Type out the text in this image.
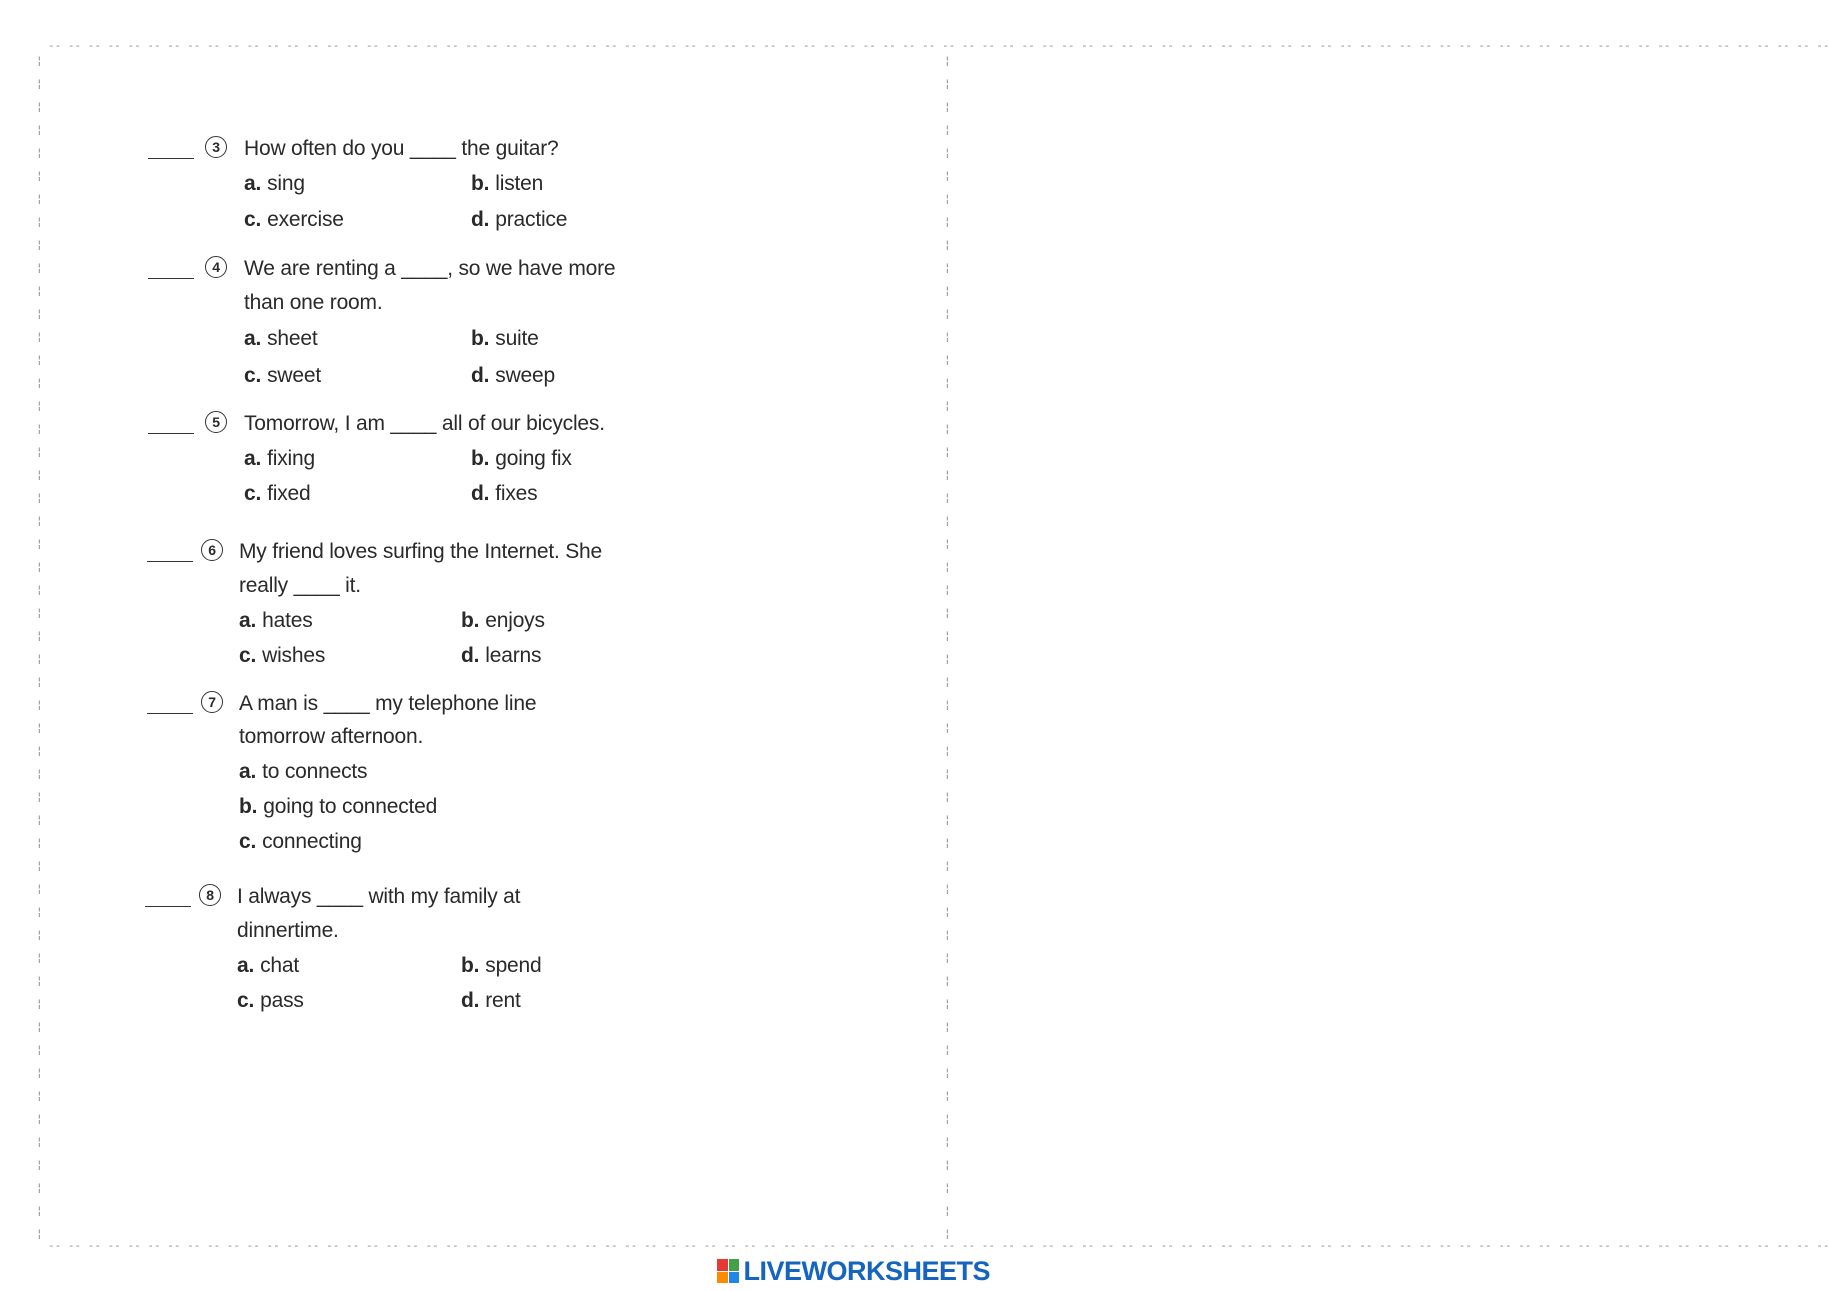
-- -- -- -- -- -- -- -- -- -- -- -- -- -- -- -- -- -- -- -- -- -- -- -- -- -- -- -- -- -- -- -- -- -- -- -- -- -- -- -- -- -- -- -- -- -- -- -- -- -- -- -- -- -- -- -- -- -- -- -- -- -- -- -- -- -- -- -- -- -- -- -- -- -- -- -- -- -- -- -- -- -- -- -- -- -- -- -- -- --
-- -- -- -- -- -- -- -- -- -- -- -- -- -- -- -- -- -- -- -- -- -- -- -- -- -- -- -- -- -- -- -- -- -- -- -- -- -- -- -- -- -- -- -- -- -- -- -- -- -- -- -- -- -- -- -- -- -- -- -- -- -- -- -- -- -- -- -- -- -- -- -- -- -- -- -- -- -- -- -- -- -- -- -- -- -- -- -- -- --
¦
¦
¦
¦
¦
¦
¦
¦
¦
¦
¦
¦
¦
¦
¦
¦
¦
¦
¦
¦
¦
¦
¦
¦
¦
¦
¦
¦
¦
¦
¦
¦
¦
¦
¦
¦
¦
¦
¦
¦
¦
¦
¦
¦
¦
¦
¦
¦
¦
¦
¦
¦
¦
¦
¦
¦
¦
¦
¦
¦
¦
¦
¦
¦
¦
¦
¦
¦
¦
¦
¦
¦
¦
¦
¦
¦
¦
¦
¦
¦
¦
¦
¦
¦
¦
¦
¦
¦
¦
¦
¦
¦
¦
¦
¦
¦
¦
¦
¦
¦
¦
¦
¦
¦
3	How often do you ____ the guitar?
a. sing	b. listen
c. exercise	d. practice
4	We are renting a ____, so we have more
than one room.
a. sheet	b. suite
c. sweet	d. sweep
5	Tomorrow, I am ____ all of our bicycles.
a. fixing	b. going fix
c. fixed	d. fixes
6	My friend loves surfing the Internet. She
really ____ it.
a. hates	b. enjoys
c. wishes	d. learns
7	A man is ____ my telephone line
tomorrow afternoon.
a. to connects
b. going to connected
c. connecting
8	I always ____ with my family at
dinnertime.
a. chat	b. spend
c. pass	d. rent
LIVEWORKSHEETS
